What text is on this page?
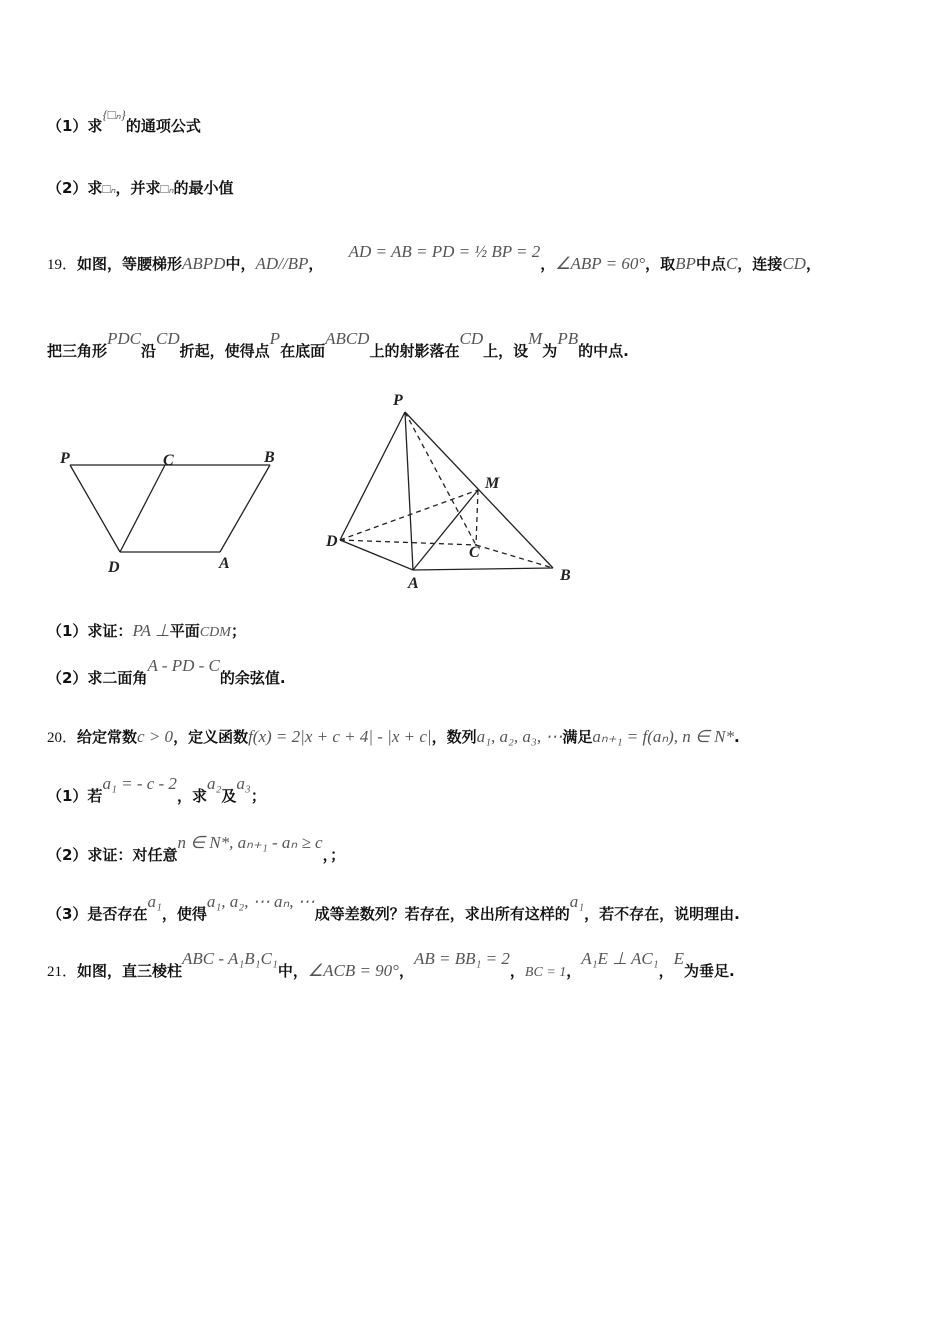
（1）求{□ₙ}的通项公式
（2）求□ₙ，并求□ₙ的最小值
19．如图，等腰梯形ABPD中，AD//BP， AD = AB = PD = ½ BP = 2，∠ABP = 60°，取BP中点C，连接CD，
把三角形PDC沿CD折起，使得点P在底面ABCD上的射影落在CD上，设M为PB的中点.
P	C	B
D	A
P
M
D
C
A	B
（1）求证：PA ⊥平面CDM；
（2）求二面角A - PD - C的余弦值.
20．给定常数c > 0，定义函数f(x) = 2|x + c + 4| - |x + c|，数列a₁, a₂, a₃, ⋯满足aₙ₊₁ = f(aₙ), n ∈ N*.
（1）若a₁ = - c - 2，求a₂及a₃；
（2）求证：对任意n ∈ N*, aₙ₊₁ - aₙ ≥ c，；
（3）是否存在a₁，使得a₁, a₂, ⋯ aₙ, ⋯成等差数列？若存在，求出所有这样的a₁，若不存在，说明理由.
21．如图，直三棱柱ABC - A₁B₁C₁中，∠ACB = 90°，AB = BB₁ = 2，BC = 1，A₁E ⊥ AC₁，E为垂足.
